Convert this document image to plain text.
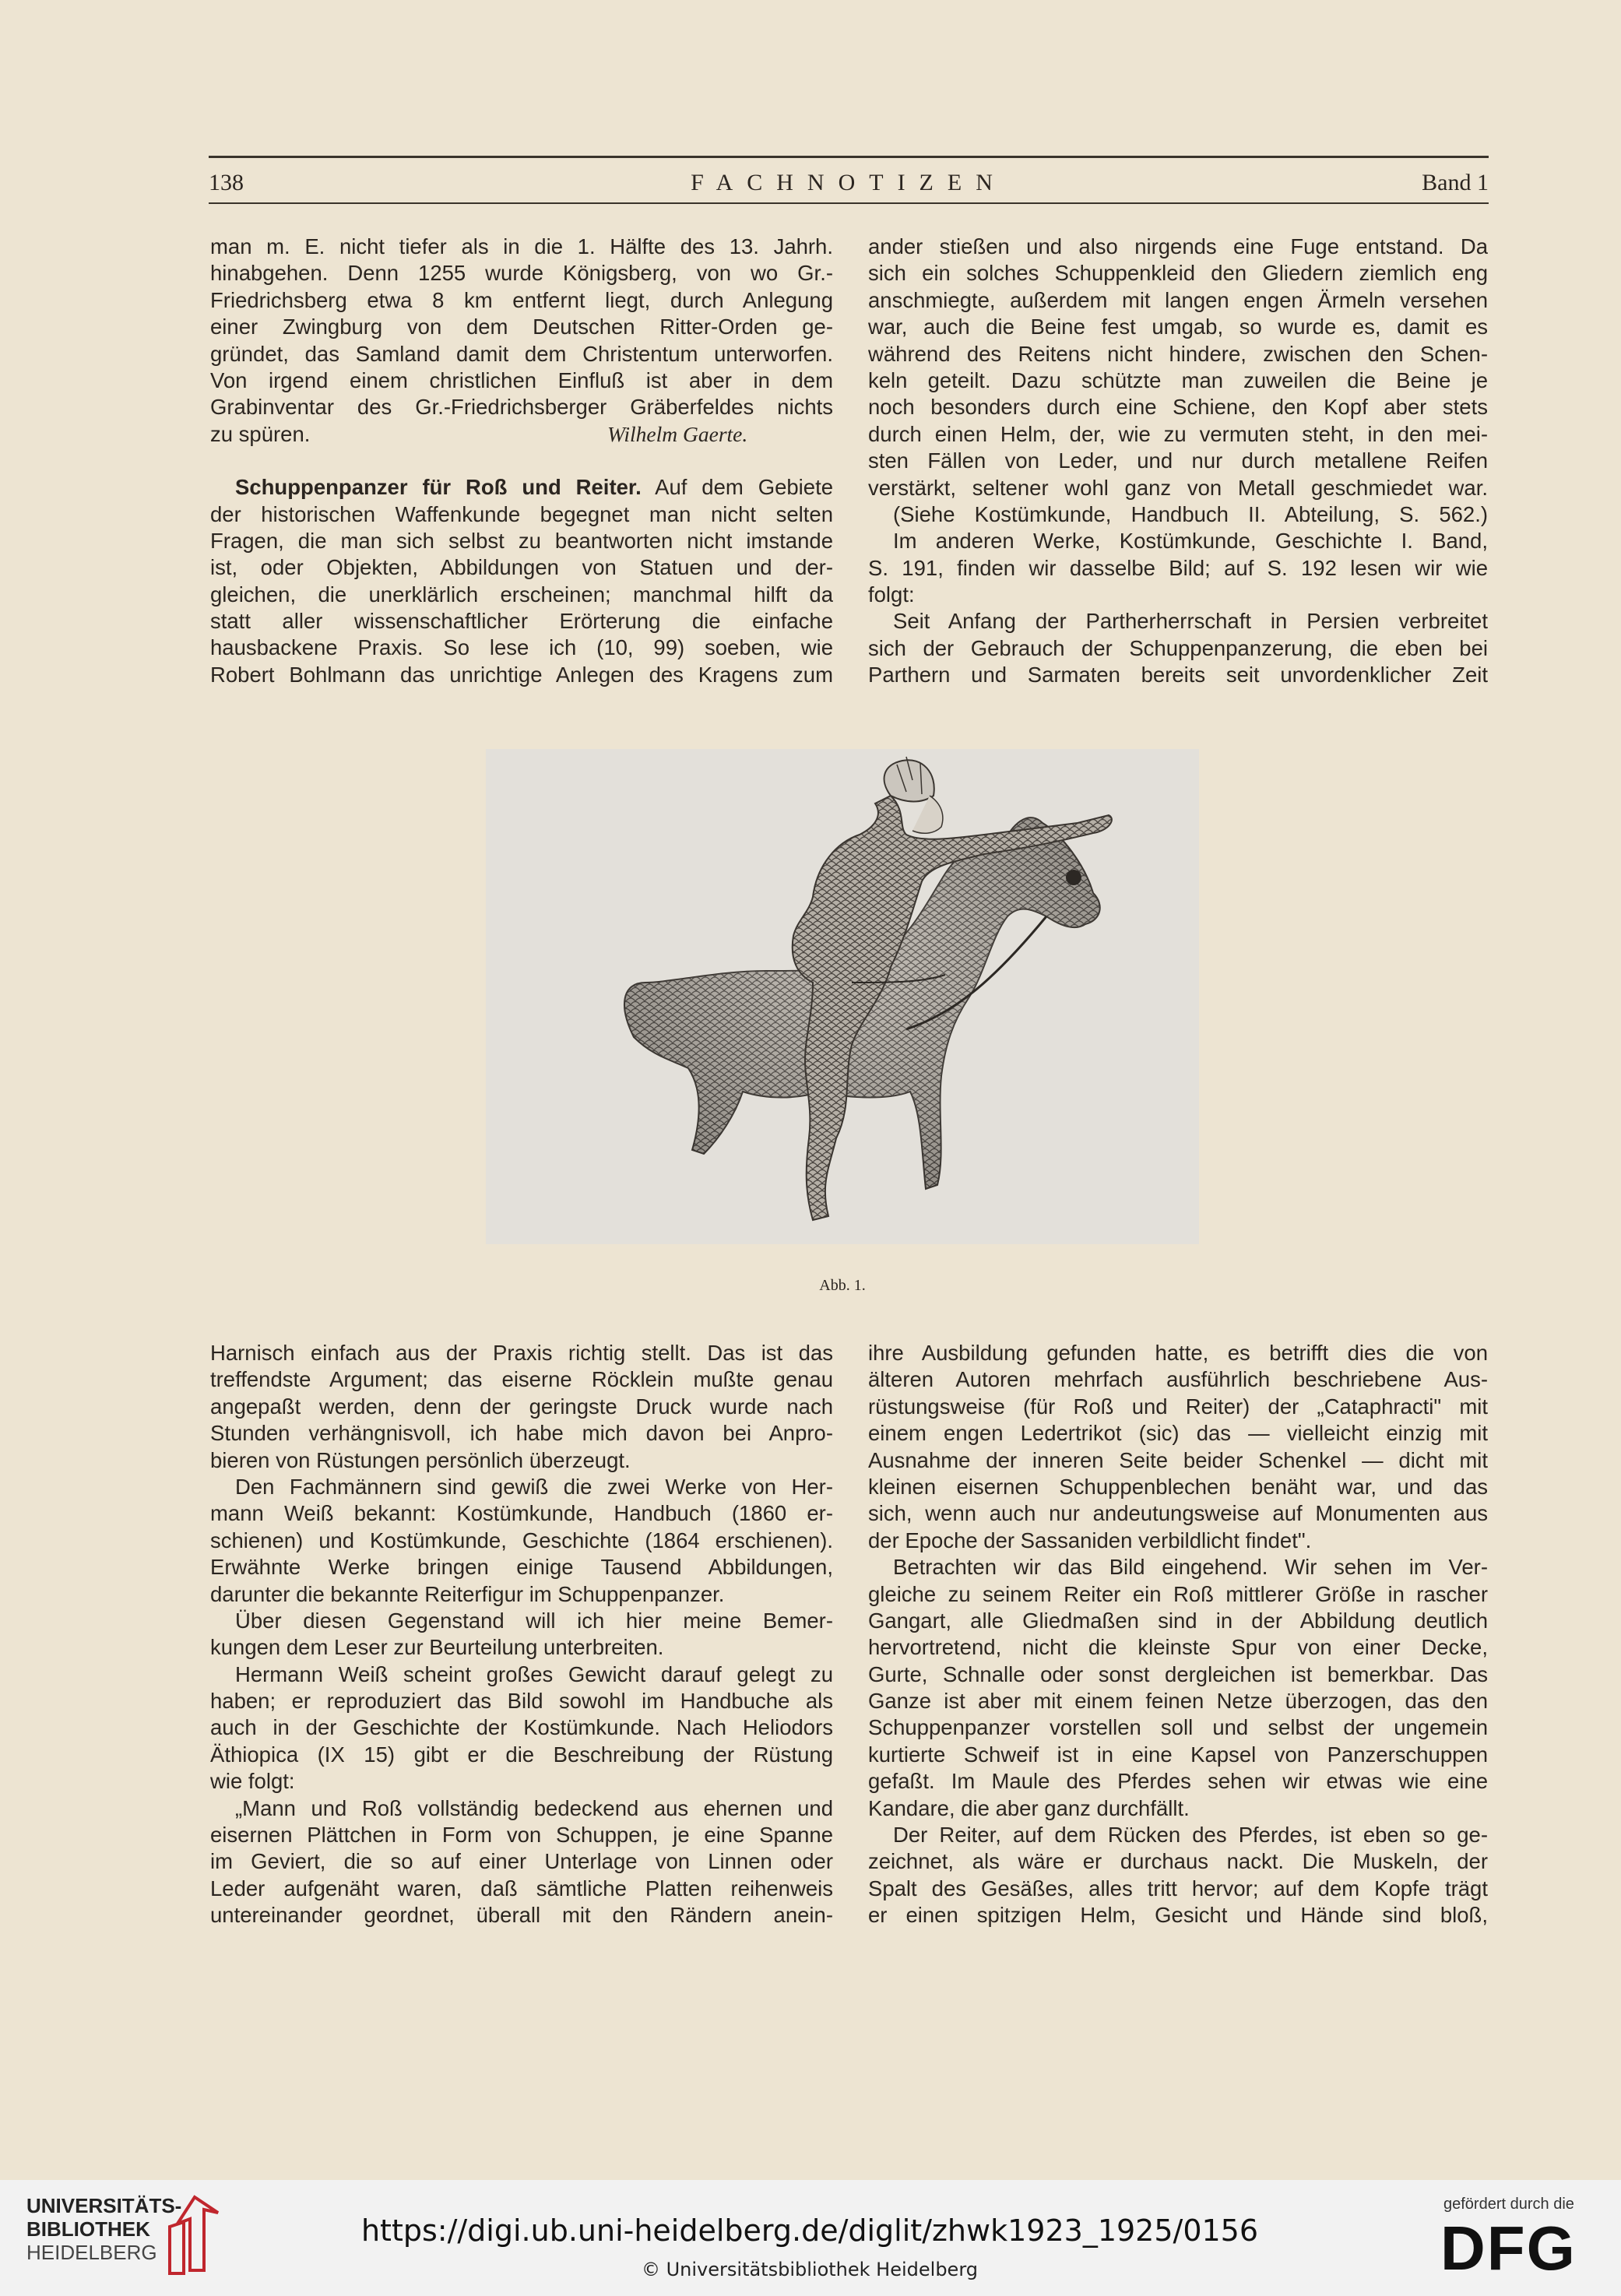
138	FACHNOTIZEN	Band 1
man m. E. nicht tiefer als in die 1. Hälfte des 13. Jahrh.
hinabgehen. Denn 1255 wurde Königsberg, von wo Gr.-
Friedrichsberg etwa 8 km entfernt liegt, durch Anlegung
einer Zwingburg von dem Deutschen Ritter-Orden ge-
gründet, das Samland damit dem Christentum unterworfen.
Von irgend einem christlichen Einfluß ist aber in dem
Grabinventar des Gr.-Friedrichsberger Gräberfeldes nichts
zu spüren.	Wilhelm Gaerte.
Schuppenpanzer für Roß und Reiter. Auf dem Gebiete
der historischen Waffenkunde begegnet man nicht selten
Fragen, die man sich selbst zu beantworten nicht imstande
ist, oder Objekten, Abbildungen von Statuen und der-
gleichen, die unerklärlich erscheinen; manchmal hilft da
statt aller wissenschaftlicher Erörterung die einfache
hausbackene Praxis. So lese ich (10, 99) soeben, wie
Robert Bohlmann das unrichtige Anlegen des Kragens zum
ander stießen und also nirgends eine Fuge entstand. Da
sich ein solches Schuppenkleid den Gliedern ziemlich eng
anschmiegte, außerdem mit langen engen Ärmeln versehen
war, auch die Beine fest umgab, so wurde es, damit es
während des Reitens nicht hindere, zwischen den Schen-
keln geteilt. Dazu schützte man zuweilen die Beine je
noch besonders durch eine Schiene, den Kopf aber stets
durch einen Helm, der, wie zu vermuten steht, in den mei-
sten Fällen von Leder, und nur durch metallene Reifen
verstärkt, seltener wohl ganz von Metall geschmiedet war.
(Siehe Kostümkunde, Handbuch II. Abteilung, S. 562.)
Im anderen Werke, Kostümkunde, Geschichte I. Band,
S. 191, finden wir dasselbe Bild; auf S. 192 lesen wir wie
folgt:
Seit Anfang der Partherherrschaft in Persien verbreitet
sich der Gebrauch der Schuppenpanzerung, die eben bei
Parthern und Sarmaten bereits seit unvordenklicher Zeit
Abb. 1.
Harnisch einfach aus der Praxis richtig stellt. Das ist das
treffendste Argument; das eiserne Röcklein mußte genau
angepaßt werden, denn der geringste Druck wurde nach
Stunden verhängnisvoll, ich habe mich davon bei Anpro-
bieren von Rüstungen persönlich überzeugt.
Den Fachmännern sind gewiß die zwei Werke von Her-
mann Weiß bekannt: Kostümkunde, Handbuch (1860 er-
schienen) und Kostümkunde, Geschichte (1864 erschienen).
Erwähnte Werke bringen einige Tausend Abbildungen,
darunter die bekannte Reiterfigur im Schuppenpanzer.
Über diesen Gegenstand will ich hier meine Bemer-
kungen dem Leser zur Beurteilung unterbreiten.
Hermann Weiß scheint großes Gewicht darauf gelegt zu
haben; er reproduziert das Bild sowohl im Handbuche als
auch in der Geschichte der Kostümkunde. Nach Heliodors
Äthiopica (IX 15) gibt er die Beschreibung der Rüstung
wie folgt:
„Mann und Roß vollständig bedeckend aus ehernen und
eisernen Plättchen in Form von Schuppen, je eine Spanne
im Geviert, die so auf einer Unterlage von Linnen oder
Leder aufgenäht waren, daß sämtliche Platten reihenweis
untereinander geordnet, überall mit den Rändern anein-
ihre Ausbildung gefunden hatte, es betrifft dies die von
älteren Autoren mehrfach ausführlich beschriebene Aus-
rüstungsweise (für Roß und Reiter) der „Cataphracti" mit
einem engen Ledertrikot (sic) das — vielleicht einzig mit
Ausnahme der inneren Seite beider Schenkel — dicht mit
kleinen eisernen Schuppenblechen benäht war, und das
sich, wenn auch nur andeutungsweise auf Monumenten aus
der Epoche der Sassaniden verbildlicht findet".
Betrachten wir das Bild eingehend. Wir sehen im Ver-
gleiche zu seinem Reiter ein Roß mittlerer Größe in rascher
Gangart, alle Gliedmaßen sind in der Abbildung deutlich
hervortretend, nicht die kleinste Spur von einer Decke,
Gurte, Schnalle oder sonst dergleichen ist bemerkbar. Das
Ganze ist aber mit einem feinen Netze überzogen, das den
Schuppenpanzer vorstellen soll und selbst der ungemein
kurtierte Schweif ist in eine Kapsel von Panzerschuppen
gefaßt. Im Maule des Pferdes sehen wir etwas wie eine
Kandare, die aber ganz durchfällt.
Der Reiter, auf dem Rücken des Pferdes, ist eben so ge-
zeichnet, als wäre er durchaus nackt. Die Muskeln, der
Spalt des Gesäßes, alles tritt hervor; auf dem Kopfe trägt
er einen spitzigen Helm, Gesicht und Hände sind bloß,
UNIVERSITÄTS-
BIBLIOTHEK
HEIDELBERG
https://digi.ub.uni-heidelberg.de/diglit/zhwk1923_1925/0156
© Universitätsbibliothek Heidelberg
gefördert durch die
DFG
